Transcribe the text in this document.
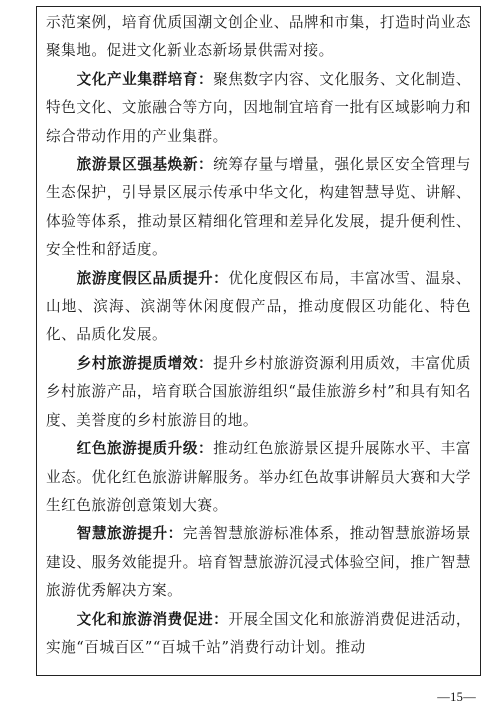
示范案例，培育优质国潮文创企业、品牌和市集，打造时尚业态聚集地。促进文化新业态新场景供需对接。

文化产业集群培育：聚焦数字内容、文化服务、文化制造、特色文化、文旅融合等方向，因地制宜培育一批有区域影响力和综合带动作用的产业集群。

旅游景区强基焕新：统筹存量与增量，强化景区安全管理与生态保护，引导景区展示传承中华文化，构建智慧导览、讲解、体验等体系，推动景区精细化管理和差异化发展，提升便利性、安全性和舒适度。

旅游度假区品质提升：优化度假区布局，丰富冰雪、温泉、山地、滨海、滨湖等休闲度假产品，推动度假区功能化、特色化、品质化发展。

乡村旅游提质增效：提升乡村旅游资源利用质效，丰富优质乡村旅游产品，培育联合国旅游组织“最佳旅游乡村”和具有知名度、美誉度的乡村旅游目的地。

红色旅游提质升级：推动红色旅游景区提升展陈水平、丰富业态。优化红色旅游讲解服务。举办红色故事讲解员大赛和大学生红色旅游创意策划大赛。

智慧旅游提升：完善智慧旅游标准体系，推动智慧旅游场景建设、服务效能提升。培育智慧旅游沉浸式体验空间，推广智慧旅游优秀解决方案。

文化和旅游消费促进：开展全国文化和旅游消费促进活动，实施“百城百区”“百城千站”消费行动计划。推动

—15—
